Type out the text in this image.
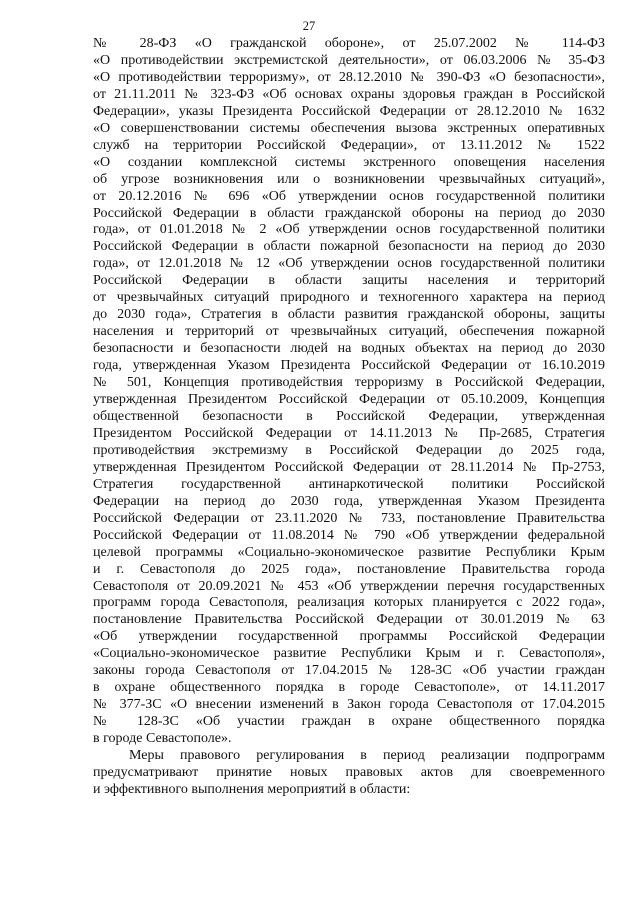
27

№ 28-ФЗ «О гражданской обороне», от 25.07.2002 № 114-ФЗ
«О противодействии экстремистской деятельности», от 06.03.2006 № 35-ФЗ
«О противодействии терроризму», от 28.12.2010 № 390-ФЗ «О безопасности»,
от 21.11.2011 № 323-ФЗ «Об основах охраны здоровья граждан в Российской
Федерации», указы Президента Российской Федерации от 28.12.2010 № 1632
«О совершенствовании системы обеспечения вызова экстренных оперативных
служб на территории Российской Федерации», от 13.11.2012 № 1522
«О создании комплексной системы экстренного оповещения населения
об угрозе возникновения или о возникновении чрезвычайных ситуаций»,
от 20.12.2016 № 696 «Об утверждении основ государственной политики
Российской Федерации в области гражданской обороны на период до 2030
года», от 01.01.2018 № 2 «Об утверждении основ государственной политики
Российской Федерации в области пожарной безопасности на период до 2030
года», от 12.01.2018 № 12 «Об утверждении основ государственной политики
Российской Федерации в области защиты населения и территорий
от чрезвычайных ситуаций природного и техногенного характера на период
до 2030 года», Стратегия в области развития гражданской обороны, защиты
населения и территорий от чрезвычайных ситуаций, обеспечения пожарной
безопасности и безопасности людей на водных объектах на период до 2030
года, утвержденная Указом Президента Российской Федерации от 16.10.2019
№ 501, Концепция противодействия терроризму в Российской Федерации,
утвержденная Президентом Российской Федерации от 05.10.2009, Концепция
общественной безопасности в Российской Федерации, утвержденная
Президентом Российской Федерации от 14.11.2013 № Пр-2685, Стратегия
противодействия экстремизму в Российской Федерации до 2025 года,
утвержденная Президентом Российской Федерации от 28.11.2014 № Пр-2753,
Стратегия государственной антинаркотической политики Российской
Федерации на период до 2030 года, утвержденная Указом Президента
Российской Федерации от 23.11.2020 № 733, постановление Правительства
Российской Федерации от 11.08.2014 № 790 «Об утверждении федеральной
целевой программы «Социально-экономическое развитие Республики Крым
и г. Севастополя до 2025 года», постановление Правительства города
Севастополя от 20.09.2021 № 453 «Об утверждении перечня государственных
программ города Севастополя, реализация которых планируется с 2022 года»,
постановление Правительства Российской Федерации от 30.01.2019 № 63
«Об утверждении государственной программы Российской Федерации
«Социально-экономическое развитие Республики Крым и г. Севастополя»,
законы города Севастополя от 17.04.2015 № 128-ЗС «Об участии граждан
в охране общественного порядка в городе Севастополе», от 14.11.2017
№ 377-ЗС «О внесении изменений в Закон города Севастополя от 17.04.2015
№ 128-ЗС «Об участии граждан в охране общественного порядка
в городе Севастополе».

Меры правового регулирования в период реализации подпрограмм
предусматривают принятие новых правовых актов для своевременного
и эффективного выполнения мероприятий в области:
